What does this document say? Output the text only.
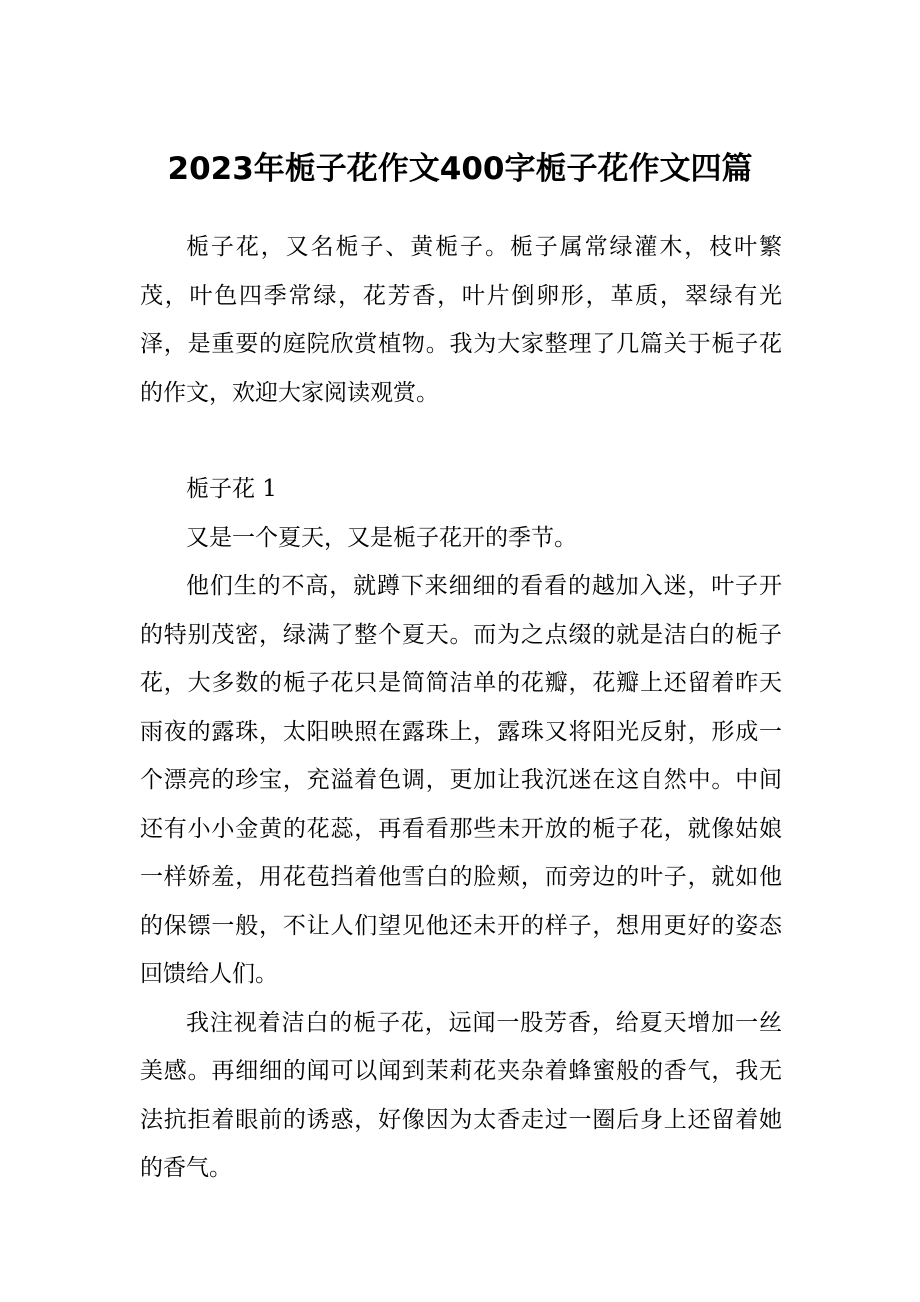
2023年栀子花作文400字栀子花作文四篇

栀子花，又名栀子、黄栀子。栀子属常绿灌木，枝叶繁茂，叶色四季常绿，花芳香，叶片倒卵形，革质，翠绿有光泽，是重要的庭院欣赏植物。我为大家整理了几篇关于栀子花的作文，欢迎大家阅读观赏。

栀子花 1

又是一个夏天，又是栀子花开的季节。

他们生的不高，就蹲下来细细的看看的越加入迷，叶子开的特别茂密，绿满了整个夏天。而为之点缀的就是洁白的栀子花，大多数的栀子花只是简简洁单的花瓣，花瓣上还留着昨天雨夜的露珠，太阳映照在露珠上，露珠又将阳光反射，形成一个漂亮的珍宝，充溢着色调，更加让我沉迷在这自然中。中间还有小小金黄的花蕊，再看看那些未开放的栀子花，就像姑娘一样娇羞，用花苞挡着他雪白的脸颊，而旁边的叶子，就如他的保镖一般，不让人们望见他还未开的样子，想用更好的姿态回馈给人们。

我注视着洁白的栀子花，远闻一股芳香，给夏天增加一丝美感。再细细的闻可以闻到茉莉花夹杂着蜂蜜般的香气，我无法抗拒着眼前的诱惑，好像因为太香走过一圈后身上还留着她的香气。
